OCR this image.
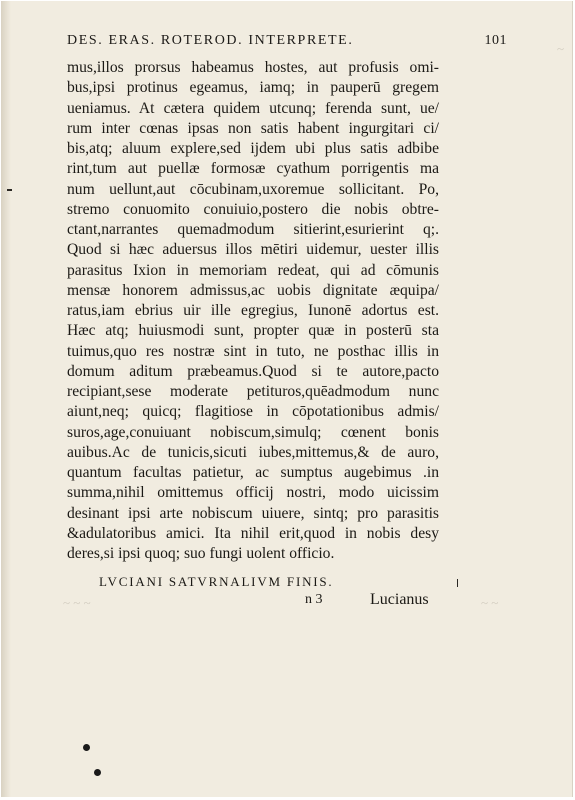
DES. ERAS. ROTEROD. INTERPRETE.	101
mus,illos prorsus habeamus hostes, aut profusis omi-
bus,ipsi protinus egeamus, iamq; in pauperū gregem
ueniamus. At cætera quidem utcunq; ferenda sunt, ue/
rum inter cœnas ipsas non satis habent ingurgitari ci/
bis,atq; aluum explere,sed ijdem ubi plus satis adbibe
rint,tum aut puellæ formosæ cyathum porrigentis ma
num uellunt,aut cōcubinam,uxoremue sollicitant. Po,
stremo conuomito conuiuio,postero die nobis obtre-
ctant,narrantes quemadmodum sitierint,esurierint q;.
Quod si hæc aduersus illos mētiri uidemur, uester illis
parasitus Ixion in memoriam redeat, qui ad cōmunis
mensæ honorem admissus,ac uobis dignitate æquipa/
ratus,iam ebrius uir ille egregius, Iunonē adortus est.
Hæc atq; huiusmodi sunt, propter quæ in posterū sta
tuimus,quo res nostræ sint in tuto, ne posthac illis in
domum aditum præbeamus.Quod si te autore,pacto
recipiant,sese moderate petituros,quēadmodum nunc
aiunt,neq; quicq; flagitiose in cōpotationibus admis/
suros,age,conuiuant nobiscum,simulq; cœnent bonis
auibus.Ac de tunicis,sicuti iubes,mittemus,& de auro,
quantum facultas patietur, ac sumptus augebimus .in
summa,nihil omittemus officij nostri, modo uicissim
desinant ipsi arte nobiscum uiuere, sintq; pro parasitis
&adulatoribus amici. Ita nihil erit,quod in nobis desy
deres,si ipsi quoq; suo fungi uolent officio.
LVCIANI SATVRNALIVM FINIS.
n 3	Lucianus
~ ~ ~	~ ~
~
